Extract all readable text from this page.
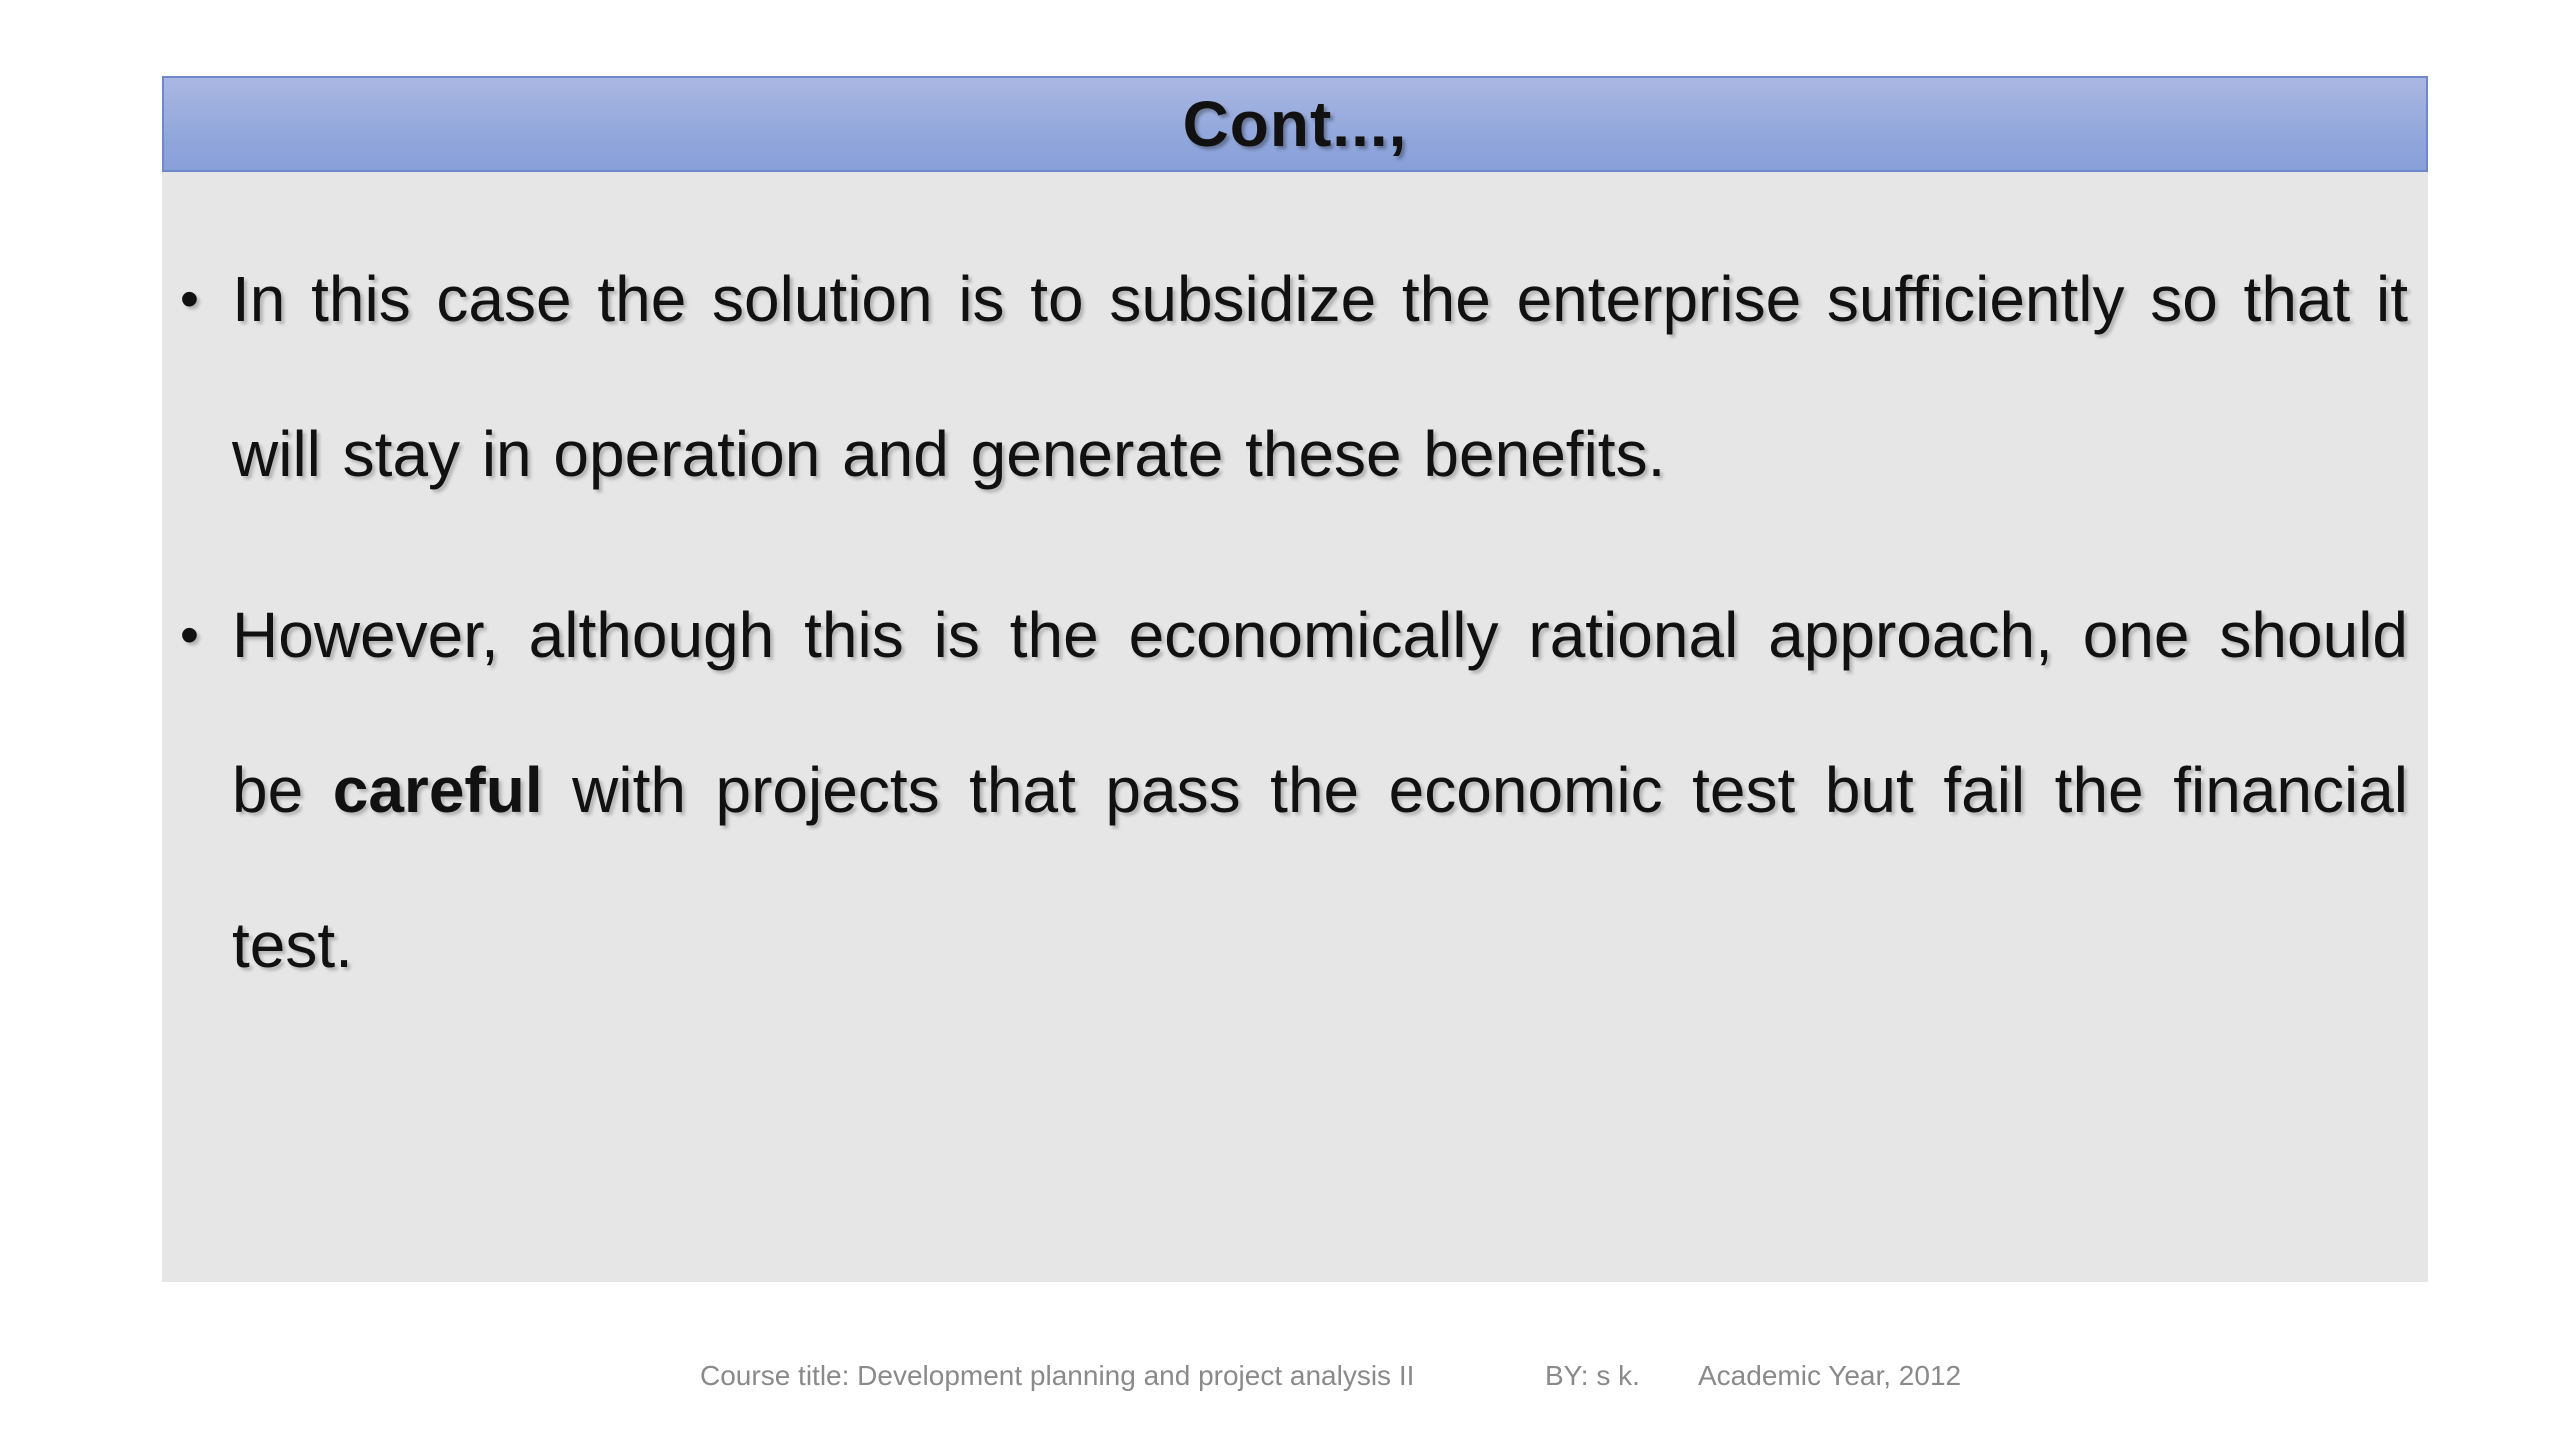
Cont...,
• In this case the solution is to subsidize the enterprise sufficiently so that it will stay in operation and generate these benefits.
• However, although this is the economically rational approach, one should be careful with projects that pass the economic test but fail the financial test.
Course title: Development planning and project analysis II	BY: s k. Academic Year, 2012
